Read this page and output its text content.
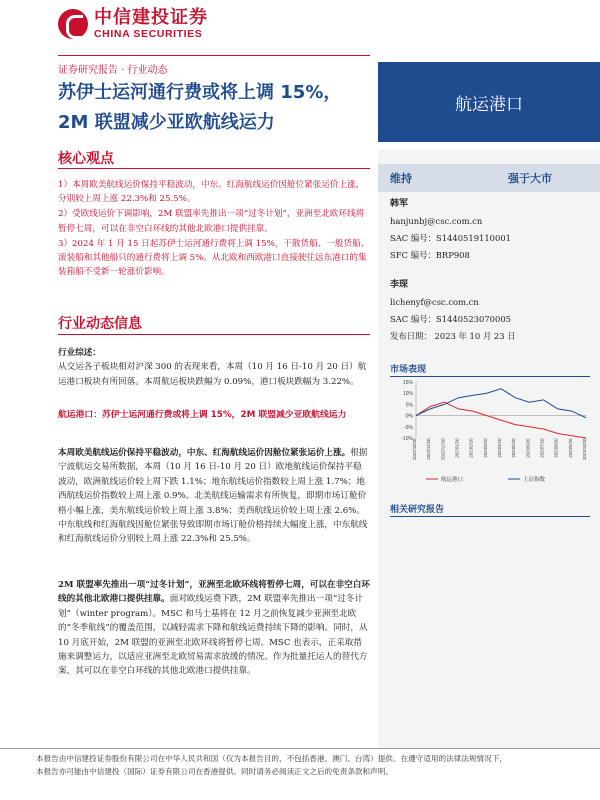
中信建投证券
CHINA SECURITIES
证券研究报告 · 行业动态
苏伊士运河通行费或将上调 15%，
2M 联盟减少亚欧航线运力
航运港口
核心观点

1）本周欧美航线运价保持平稳波动，中东、红海航线运价因舱位紧张运价上涨，分别较上周上涨 22.3%和 25.5%。

2）受欧线运价下调影响，2M 联盟率先推出一项“过冬计划”，亚洲至北欧环线将暂停七周，可以在非空白环线的其他北欧港口提供挂靠。

3）2024 年 1 月 15 日起苏伊士运河通行费将上调 15%，干散货船、一般货船、滚装船和其他船只的通行费将上调 5%。从北欧和西欧港口直接驶往远东港口的集装箱船不受新一轮涨价影响。

行业动态信息

行业综述：

从交运各子板块相对沪深 300 的表现来看，本周（10 月 16 日-10 月 20 日）航运港口板块有所回落。本周航运板块跌幅为 0.09%，港口板块跌幅为 3.22%。

航运港口：苏伊士运河通行费或将上调 15%，2M 联盟减少亚欧航线运力

本周欧美航线运价保持平稳波动，中东、红海航线运价因舱位紧张运价上涨。根据宁波航运交易所数据，本周（10 月 16 日-10 月 20 日）欧地航线运价保持平稳波动，欧洲航线运价较上周下跌 1.1%；地东航线运价指数较上周上涨 1.7%；地西航线运价指数较上周上涨 0.9%。北美航线运输需求有所恢复，即期市场订舱价格小幅上涨，美东航线运价较上周上涨 3.8%；美西航线运价较上周上涨 2.6%。中东航线和红海航线因舱位紧张导致即期市场订舱价格持续大幅度上涨，中东航线和红海航线运价分别较上周上涨 22.3%和 25.5%。

2M 联盟率先推出一项“过冬计划”，亚洲至北欧环线将暂停七周，可以在非空白环线的其他北欧港口提供挂靠。面对欧线运费下跌，2M 联盟率先推出一项“过冬计划”（winter program）。MSC 和马士基将在 12 月之前恢复减少亚洲至北欧的“冬季航线”的覆盖范围，以减轻需求下降和航线运费持续下降的影响。同时，从 10 月底开始，2M 联盟的亚洲至北欧环线将暂停七周。MSC 也表示，正采取措施来调整运力，以适应亚洲至北欧贸易需求放缓的情况。作为批量托运人的替代方案，其可以在非空白环线的其他北欧港口提供挂靠。

维持	强于大市
韩军
hanjunbj@csc.com.cn
SAC 编号：S1440519110001
SFC 编号：BRP908
李琛
lichenyf@csc.com.cn
SAC 编号：S1440523070005
发布日期： 2023 年 10 月 23 日
市场表现
15%
10%
5%
0%
-5%
-10% 2022/10/20 2022/11/20 2022/12/20 2023/1/20 2023/2/20 2023/3/20 2023/4/20 2023/5/20 2023/6/20 2023/7/20 2023/8/20 2023/9/20 2023/10/20
航运港口	上证指数
相关研究报告
本报告由中信建投证券股份有限公司在中华人民共和国（仅为本报告目的，不包括香港、澳门、台湾）提供。在遵守适用的法律法规情况下，
本报告亦可能由中信建投（国际）证券有限公司在香港提供。同时请务必阅读正文之后的免责条款和声明。
